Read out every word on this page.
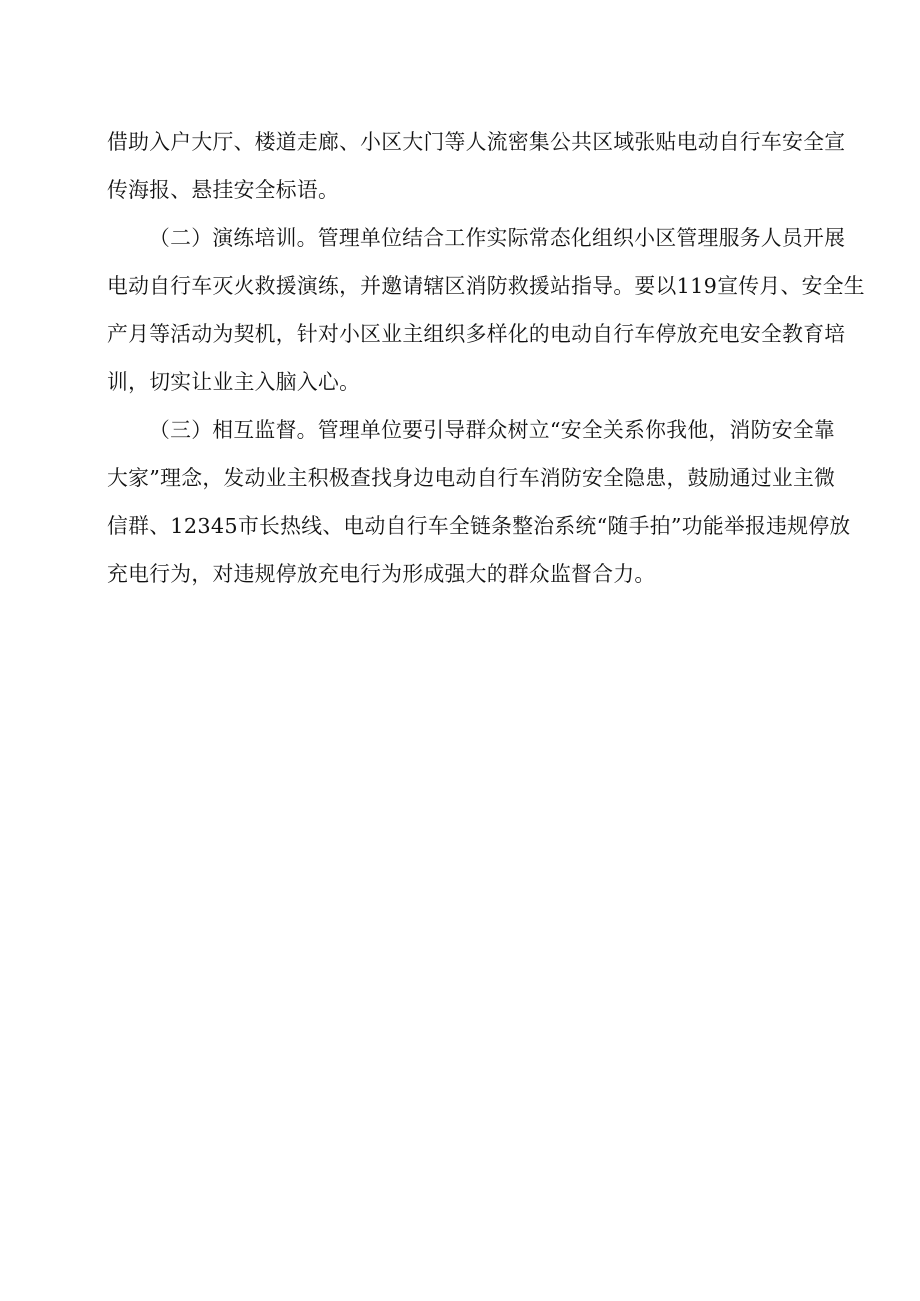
借助入户大厅、楼道走廊、小区大门等人流密集公共区域张贴电动自行车安全宣
传海报、悬挂安全标语。
（二）演练培训。管理单位结合工作实际常态化组织小区管理服务人员开展
电动自行车灭火救援演练，并邀请辖区消防救援站指导。要以119宣传月、安全生
产月等活动为契机，针对小区业主组织多样化的电动自行车停放充电安全教育培
训，切实让业主入脑入心。
（三）相互监督。管理单位要引导群众树立“安全关系你我他，消防安全靠
大家”理念，发动业主积极查找身边电动自行车消防安全隐患，鼓励通过业主微
信群、12345市长热线、电动自行车全链条整治系统“随手拍”功能举报违规停放
充电行为，对违规停放充电行为形成强大的群众监督合力。
